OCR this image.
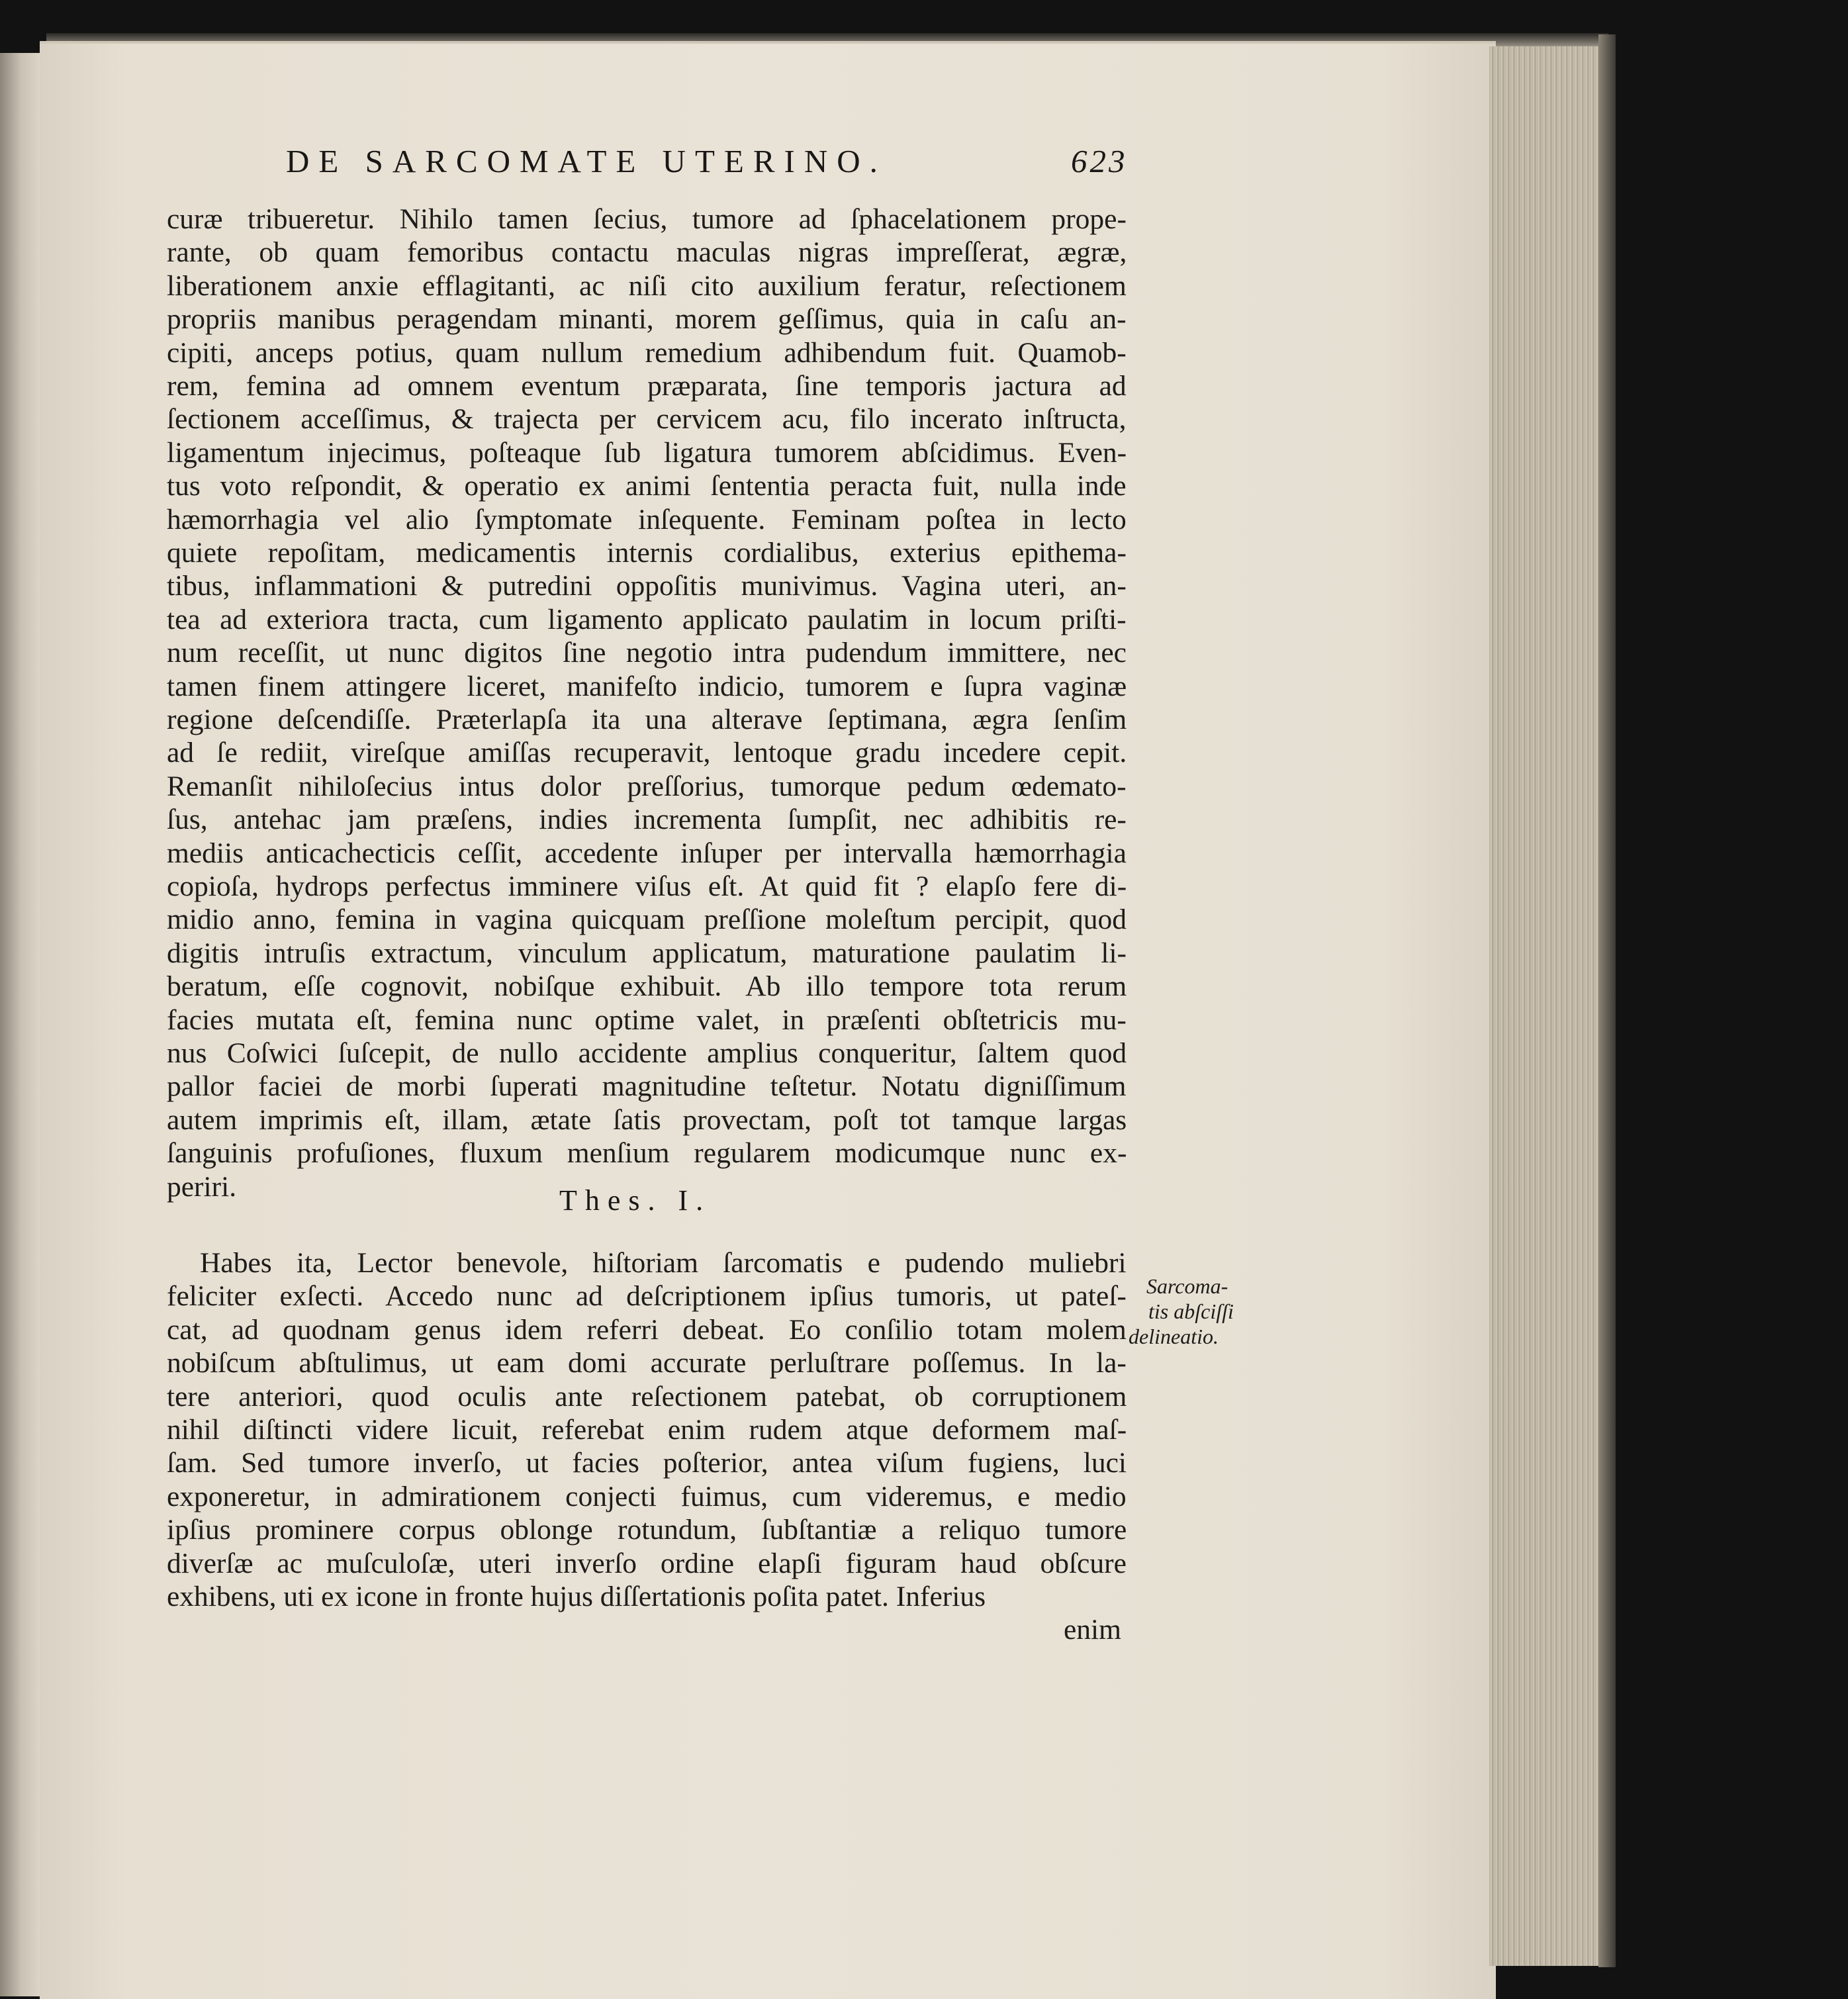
DE SARCOMATE UTERINO.	623
curæ tribueretur. Nihilo tamen ſecius, tumore ad ſphacelationem prope-
rante, ob quam femoribus contactu maculas nigras impreſſerat, ægræ,
liberationem anxie efflagitanti, ac niſi cito auxilium feratur, reſectionem
propriis manibus peragendam minanti, morem geſſimus, quia in caſu an-
cipiti, anceps potius, quam nullum remedium adhibendum fuit. Quamob-
rem, femina ad omnem eventum præparata, ſine temporis jactura ad
ſectionem acceſſimus, & trajecta per cervicem acu, filo incerato inſtructa,
ligamentum injecimus, poſteaque ſub ligatura tumorem abſcidimus. Even-
tus voto reſpondit, & operatio ex animi ſententia peracta fuit, nulla inde
hæmorrhagia vel alio ſymptomate inſequente. Feminam poſtea in lecto
quiete repoſitam, medicamentis internis cordialibus, exterius epithema-
tibus, inflammationi & putredini oppoſitis munivimus. Vagina uteri, an-
tea ad exteriora tracta, cum ligamento applicato paulatim in locum priſti-
num receſſit, ut nunc digitos ſine negotio intra pudendum immittere, nec
tamen finem attingere liceret, manifeſto indicio, tumorem e ſupra vaginæ
regione deſcendiſſe. Præterlapſa ita una alterave ſeptimana, ægra ſenſim
ad ſe rediit, vireſque amiſſas recuperavit, lentoque gradu incedere cepit.
Remanſit nihiloſecius intus dolor preſſorius, tumorque pedum œdemato-
ſus, antehac jam præſens, indies incrementa ſumpſit, nec adhibitis re-
mediis anticachecticis ceſſit, accedente inſuper per intervalla hæmorrhagia
copioſa, hydrops perfectus imminere viſus eſt. At quid fit ? elapſo fere di-
midio anno, femina in vagina quicquam preſſione moleſtum percipit, quod
digitis intruſis extractum, vinculum applicatum, maturatione paulatim li-
beratum, eſſe cognovit, nobiſque exhibuit. Ab illo tempore tota rerum
facies mutata eſt, femina nunc optime valet, in præſenti obſtetricis mu-
nus Coſwici ſuſcepit, de nullo accidente amplius conqueritur, ſaltem quod
pallor faciei de morbi ſuperati magnitudine teſtetur. Notatu digniſſimum
autem imprimis eſt, illam, ætate ſatis provectam, poſt tot tamque largas
ſanguinis profuſiones, fluxum menſium regularem modicumque nunc ex-
periri.
Habes ita, Lector benevole, hiſtoriam ſarcomatis e pudendo muliebri
feliciter exſecti. Accedo nunc ad deſcriptionem ipſius tumoris, ut pateſ-
cat, ad quodnam genus idem referri debeat. Eo conſilio totam molem
nobiſcum abſtulimus, ut eam domi accurate perluſtrare poſſemus. In la-
tere anteriori, quod oculis ante reſectionem patebat, ob corruptionem
nihil diſtincti videre licuit, referebat enim rudem atque deformem maſ-
ſam. Sed tumore inverſo, ut facies poſterior, antea viſum fugiens, luci
exponeretur, in admirationem conjecti fuimus, cum videremus, e medio
ipſius prominere corpus oblonge rotundum, ſubſtantiæ a reliquo tumore
diverſæ ac muſculoſæ, uteri inverſo ordine elapſi figuram haud obſcure
exhibens, uti ex icone in fronte hujus diſſertationis poſita patet. Inferius
enim
Thes. I.
Sarcoma-
tis abſciſſi
delineatio.
